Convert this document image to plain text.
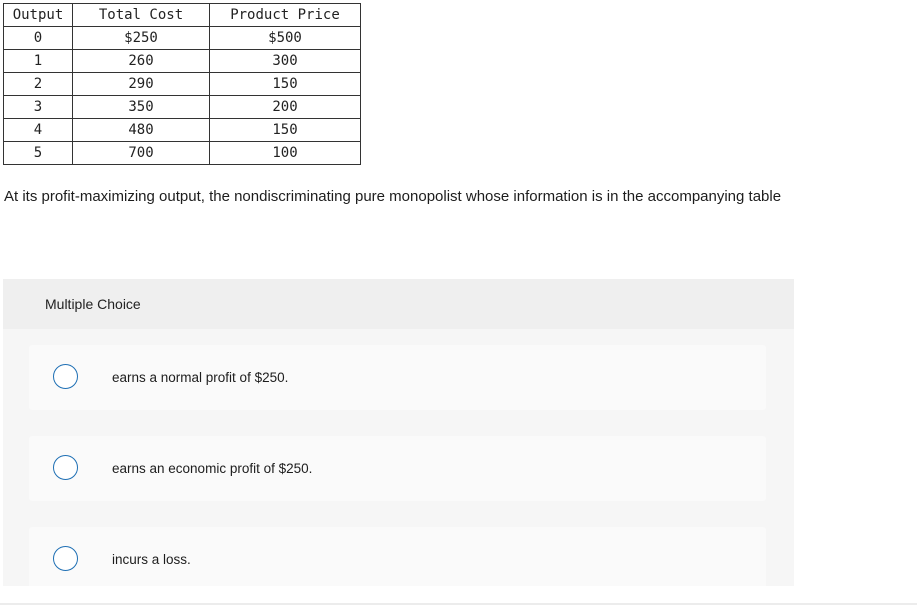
Output	Total Cost	Product Price
0	$250	$500
1	260	300
2	290	150
3	350	200
4	480	150
5	700	100
At its profit-maximizing output, the nondiscriminating pure monopolist whose information is in the accompanying table
Multiple Choice
earns a normal profit of $250.
earns an economic profit of $250.
incurs a loss.
